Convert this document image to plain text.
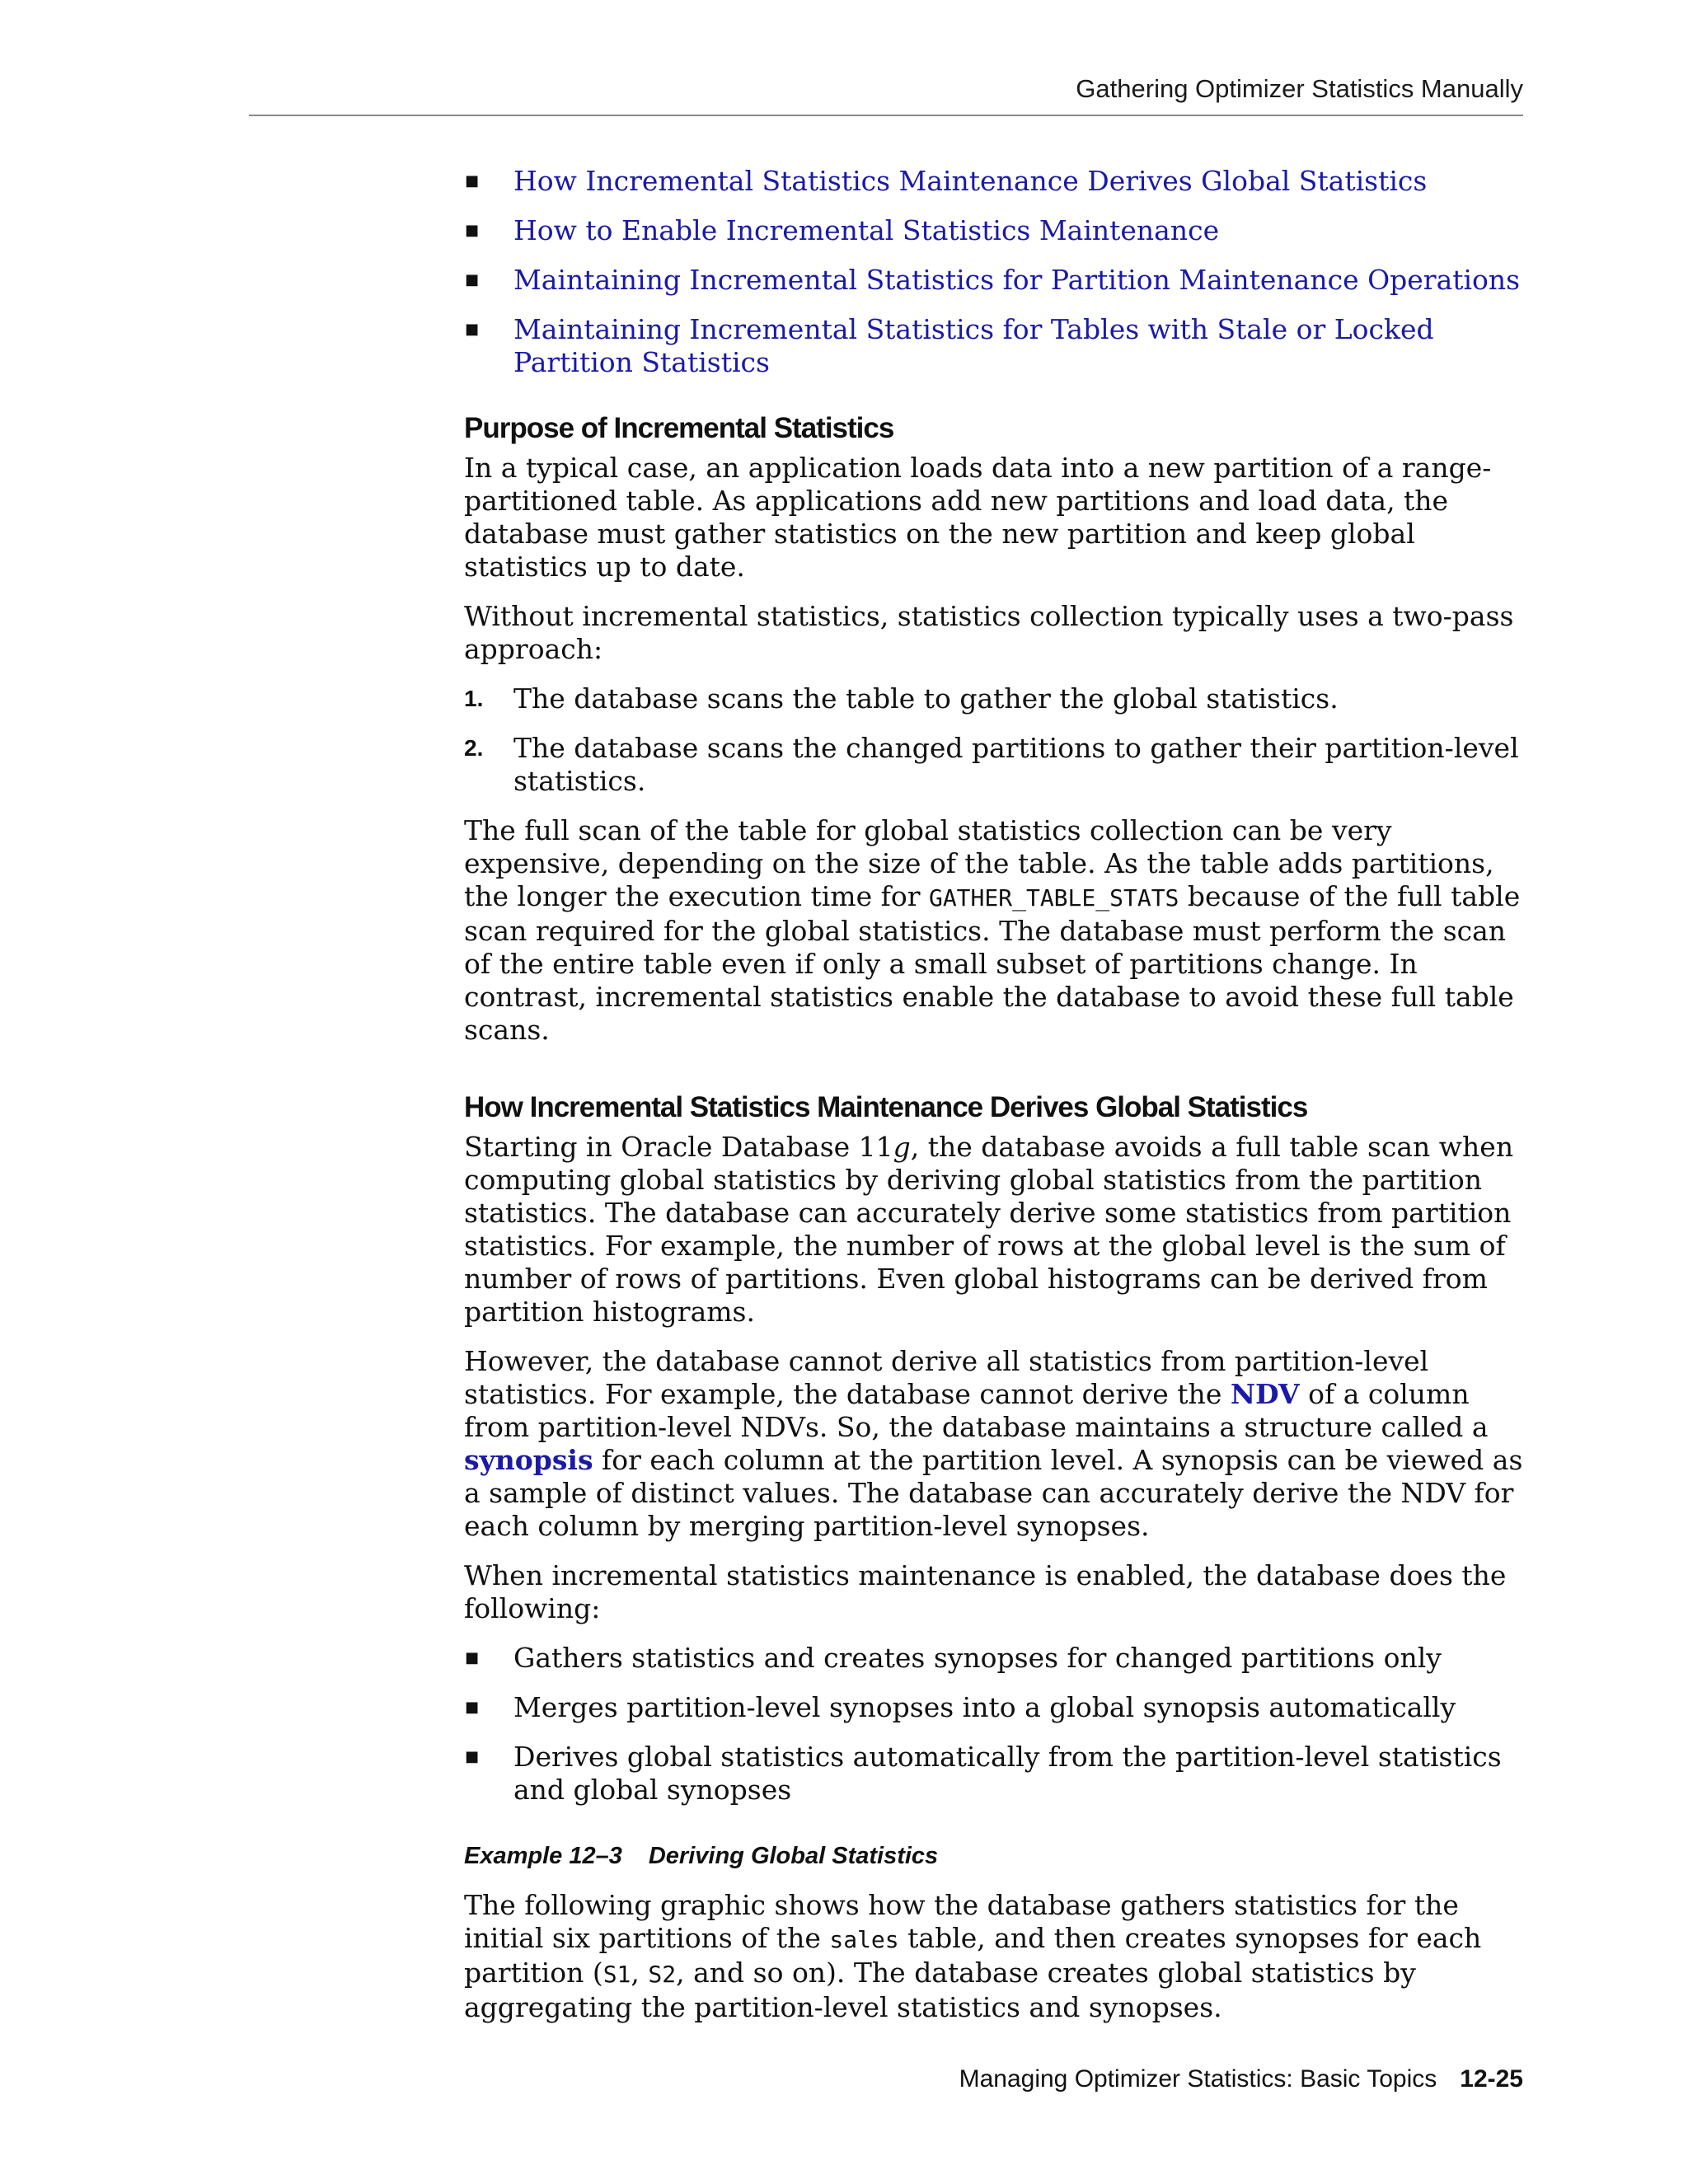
Gathering Optimizer Statistics Manually
■	How Incremental Statistics Maintenance Derives Global Statistics
■	How to Enable Incremental Statistics Maintenance
■	Maintaining Incremental Statistics for Partition Maintenance Operations
■	Maintaining Incremental Statistics for Tables with Stale or Locked Partition Statistics
Purpose of Incremental Statistics

In a typical case, an application loads data into a new partition of a range-partitioned table. As applications add new partitions and load data, the database must gather statistics on the new partition and keep global statistics up to date.

Without incremental statistics, statistics collection typically uses a two-pass approach:

1. The database scans the table to gather the global statistics.
2. The database scans the changed partitions to gather their partition-level statistics.

The full scan of the table for global statistics collection can be very expensive, depending on the size of the table. As the table adds partitions, the longer the execution time for GATHER_TABLE_STATS because of the full table scan required for the global statistics. The database must perform the scan of the entire table even if only a small subset of partitions change. In contrast, incremental statistics enable the database to avoid these full table scans.

How Incremental Statistics Maintenance Derives Global Statistics

Starting in Oracle Database 11g, the database avoids a full table scan when computing global statistics by deriving global statistics from the partition statistics. The database can accurately derive some statistics from partition statistics. For example, the number of rows at the global level is the sum of number of rows of partitions. Even global histograms can be derived from partition histograms.

However, the database cannot derive all statistics from partition-level statistics. For example, the database cannot derive the NDV of a column from partition-level NDVs. So, the database maintains a structure called a synopsis for each column at the partition level. A synopsis can be viewed as a sample of distinct values. The database can accurately derive the NDV for each column by merging partition-level synopses.

When incremental statistics maintenance is enabled, the database does the following:

■	Gathers statistics and creates synopses for changed partitions only
■	Merges partition-level synopses into a global synopsis automatically
■	Derives global statistics automatically from the partition-level statistics and global synopses
Example 12–3 Deriving Global Statistics

The following graphic shows how the database gathers statistics for the initial six partitions of the sales table, and then creates synopses for each partition (S1, S2, and so on). The database creates global statistics by aggregating the partition-level statistics and synopses.

Managing Optimizer Statistics: Basic Topics 12-25
